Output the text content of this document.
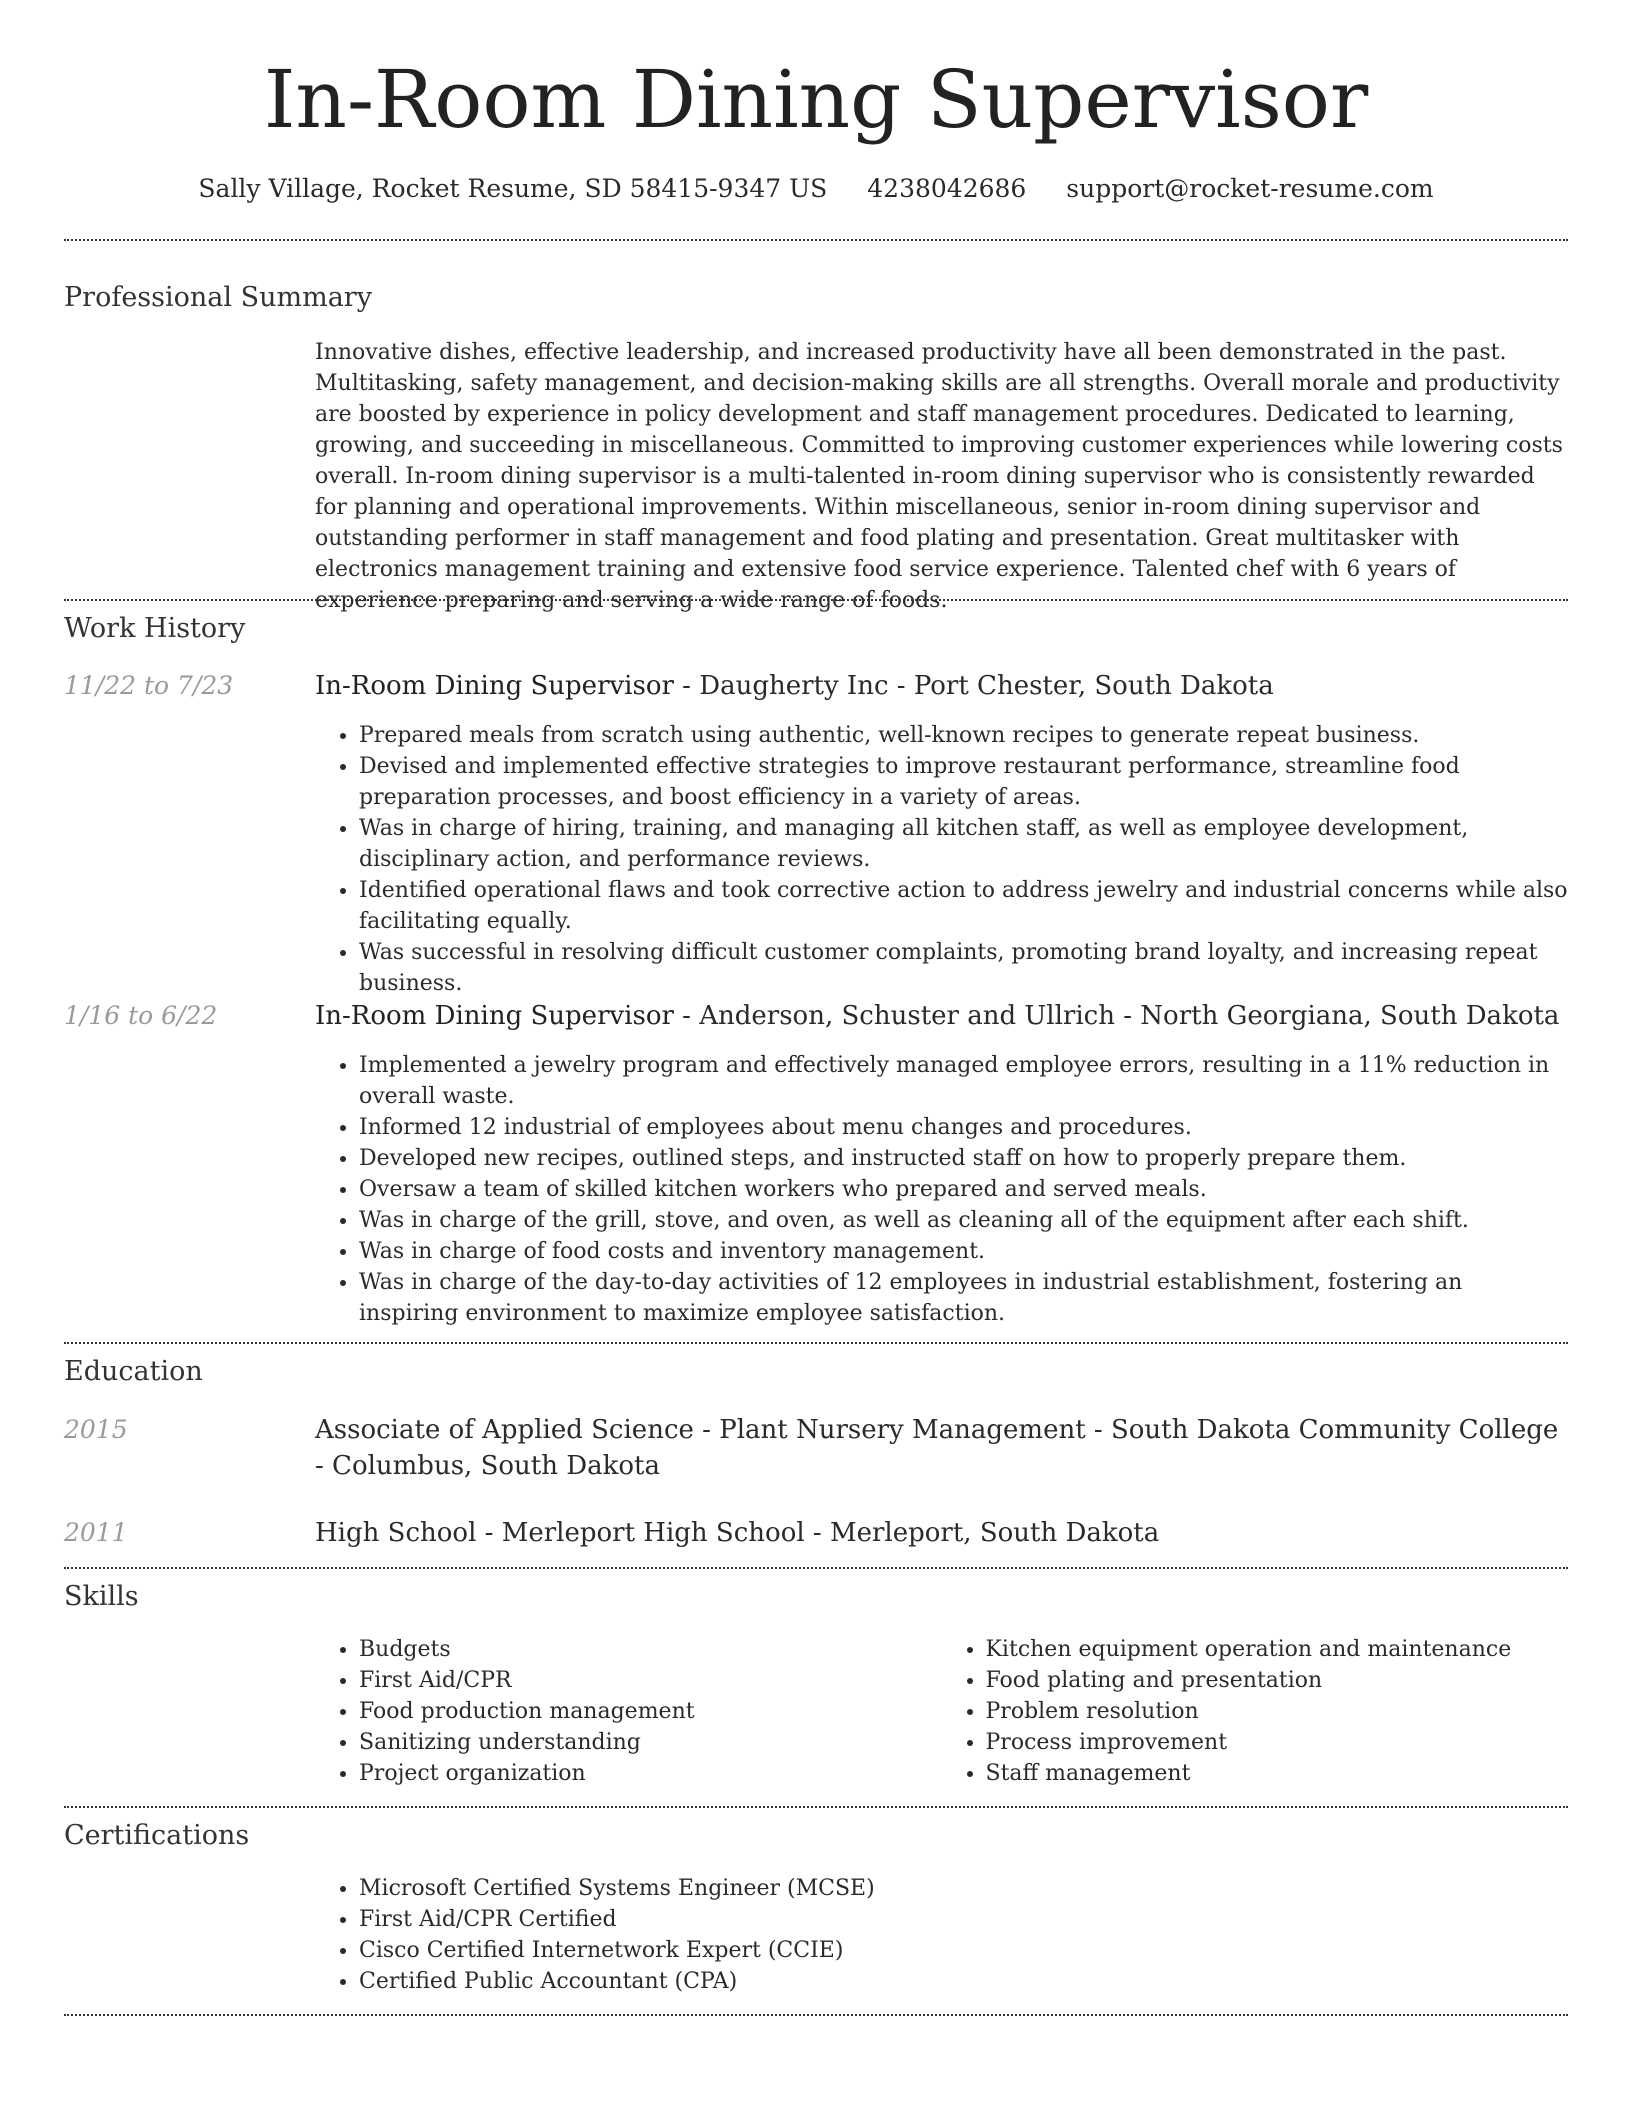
In-Room Dining Supervisor
Sally Village, Rocket Resume, SD 58415-9347 US 4238042686 support@rocket-resume.com
Professional Summary

Innovative dishes, effective leadership, and increased productivity have all been demonstrated in the past. Multitasking, safety management, and decision-making skills are all strengths. Overall morale and productivity are boosted by experience in policy development and staff management procedures. Dedicated to learning, growing, and succeeding in miscellaneous. Committed to improving customer experiences while lowering costs overall. In-room dining supervisor is a multi-talented in-room dining supervisor who is consistently rewarded for planning and operational improvements. Within miscellaneous, senior in-room dining supervisor and outstanding performer in staff management and food plating and presentation. Great multitasker with electronics management training and extensive food service experience. Talented chef with 6 years of experience preparing and serving a wide range of foods.

Work History
11/22 to 7/23	In-Room Dining Supervisor - Daugherty Inc - Port Chester, South Dakota
• Prepared meals from scratch using authentic, well-known recipes to generate repeat business.
• Devised and implemented effective strategies to improve restaurant performance, streamline food preparation processes, and boost efficiency in a variety of areas.
• Was in charge of hiring, training, and managing all kitchen staff, as well as employee development, disciplinary action, and performance reviews.
• Identified operational flaws and took corrective action to address jewelry and industrial concerns while also facilitating equally.
• Was successful in resolving difficult customer complaints, promoting brand loyalty, and increasing repeat business.
1/16 to 6/22	In-Room Dining Supervisor - Anderson, Schuster and Ullrich - North Georgiana, South Dakota
• Implemented a jewelry program and effectively managed employee errors, resulting in a 11% reduction in overall waste.
• Informed 12 industrial of employees about menu changes and procedures.
• Developed new recipes, outlined steps, and instructed staff on how to properly prepare them.
• Oversaw a team of skilled kitchen workers who prepared and served meals.
• Was in charge of the grill, stove, and oven, as well as cleaning all of the equipment after each shift.
• Was in charge of food costs and inventory management.
• Was in charge of the day-to-day activities of 12 employees in industrial establishment, fostering an inspiring environment to maximize employee satisfaction.
Education
2015	Associate of Applied Science - Plant Nursery Management - South Dakota Community College - Columbus, South Dakota
2011	High School - Merleport High School - Merleport, South Dakota
Skills
• Budgets
• First Aid/CPR
• Food production management
• Sanitizing understanding
• Project organization
• Kitchen equipment operation and maintenance
• Food plating and presentation
• Problem resolution
• Process improvement
• Staff management
Certifications
• Microsoft Certified Systems Engineer (MCSE)
• First Aid/CPR Certified
• Cisco Certified Internetwork Expert (CCIE)
• Certified Public Accountant (CPA)
